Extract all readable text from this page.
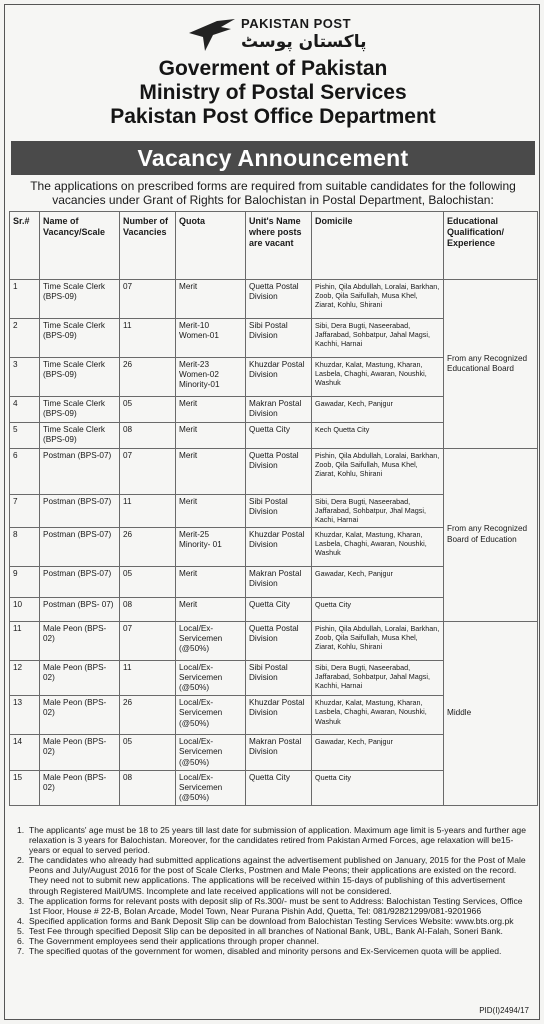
PAKISTAN POST
پاکستان پوسٹ
Goverment of Pakistan
Ministry of Postal Services
Pakistan Post Office Department
Vacancy Announcement
The applications on prescribed forms are required from suitable candidates for the following vacancies under Grant of Rights for Balochistan in Postal Department, Balochistan:
Sr.#	Name of Vacancy/Scale	Number of Vacancies	Quota	Unit's Name where posts are vacant	Domicile	Educational Qualification/ Experience
1	Time Scale Clerk (BPS-09)	07	Merit	Quetta Postal Division	Pishin, Qila Abdullah, Loralai, Barkhan, Zoob, Qila Saifullah, Musa Khel, Ziarat, Kohlu, Shirani	From any Recognized Educational Board
2	Time Scale Clerk (BPS-09)	11	Merit-10 Women-01	Sibi Postal Division	Sibi, Dera Bugti, Naseerabad, Jaffarabad, Sohbatpur, Jahal Magsi, Kachhi, Harnai	
3	Time Scale Clerk (BPS-09)	26	Merit-23 Women-02 Minority-01	Khuzdar Postal Division	Khuzdar, Kalat, Mastung, Kharan, Lasbela, Chaghi, Awaran, Noushki, Washuk	
4	Time Scale Clerk (BPS-09)	05	Merit	Makran Postal Division	Gawadar, Kech, Panjgur	
5	Time Scale Clerk (BPS-09)	08	Merit	Quetta City	Kech Quetta City	
6	Postman (BPS-07)	07	Merit	Quetta Postal Division	Pishin, Qila Abdullah, Loralai, Barkhan, Zoob, Qila Saifullah, Musa Khel, Ziarat, Kohlu, Shirani	From any Recognized Board of Education
7	Postman (BPS-07)	11	Merit	Sibi Postal Division	Sibi, Dera Bugti, Naseerabad, Jaffarabad, Sohbatpur, Jhal Magsi, Kachi, Harnai	
8	Postman (BPS-07)	26	Merit-25 Minority- 01	Khuzdar Postal Division	Khuzdar, Kalat, Mastung, Kharan, Lasbela, Chaghi, Awaran, Noushki, Washuk	
9	Postman (BPS-07)	05	Merit	Makran Postal Division	Gawadar, Kech, Panjgur	
10	Postman (BPS- 07)	08	Merit	Quetta City	Quetta City	
11	Male Peon (BPS-02)	07	Local/Ex-Servicemen (@50%)	Quetta Postal Division	Pishin, Qila Abdullah, Loralai, Barkhan, Zoob, Qila Saifullah, Musa Khel, Ziarat, Kohlu, Shirani	Middle
12	Male Peon (BPS-02)	11	Local/Ex-Servicemen (@50%)	Sibi Postal Division	Sibi, Dera Bugti, Naseerabad, Jaffarabad, Sohbatpur, Jahal Magsi, Kachhi, Harnai	
13	Male Peon (BPS-02)	26	Local/Ex-Servicemen (@50%)	Khuzdar Postal Division	Khuzdar, Kalat, Mastung, Kharan, Lasbela, Chaghi, Awaran, Noushki, Washuk	
14	Male Peon (BPS-02)	05	Local/Ex-Servicemen (@50%)	Makran Postal Division	Gawadar, Kech, Panjgur	
15	Male Peon (BPS-02)	08	Local/Ex-Servicemen (@50%)	Quetta City	Quetta City	
1. The applicants' age must be 18 to 25 years till last date for submission of application. Maximum age limit is 5-years and further age relaxation is 3 years for Balochistan. Moreover, for the candidates retired from Pakistan Armed Forces, age relaxation will be15-years or equal to served period.
2. The candidates who already had submitted applications against the advertisement published on January, 2015 for the Post of Male Peons and July/August 2016 for the post of Scale Clerks, Postmen and Male Peons; their applications are existed on the record. They need not to submit new applications. The applications will be received within 15-days of publishing of this advertisement through Registered Mail/UMS. Incomplete and late received applications will not be considered.
3. The application forms for relevant posts with deposit slip of Rs.300/- must be sent to Address: Balochistan Testing Services, Office 1st Floor, House # 22-B, Bolan Arcade, Model Town, Near Purana Pishin Add, Quetta, Tel: 081/92821299/081-9201966
4. Specified application forms and Bank Deposit Slip can be download from Balochistan Testing Services Website: www.bts.org.pk
5. Test Fee through specified Deposit Slip can be deposited in all branches of National Bank, UBL, Bank Al-Falah, Soneri Bank.
6. The Government employees send their applications through proper channel.
7. The specified quotas of the government for women, disabled and minority persons and Ex-Servicemen quota will be applied.
PID(I)2494/17
